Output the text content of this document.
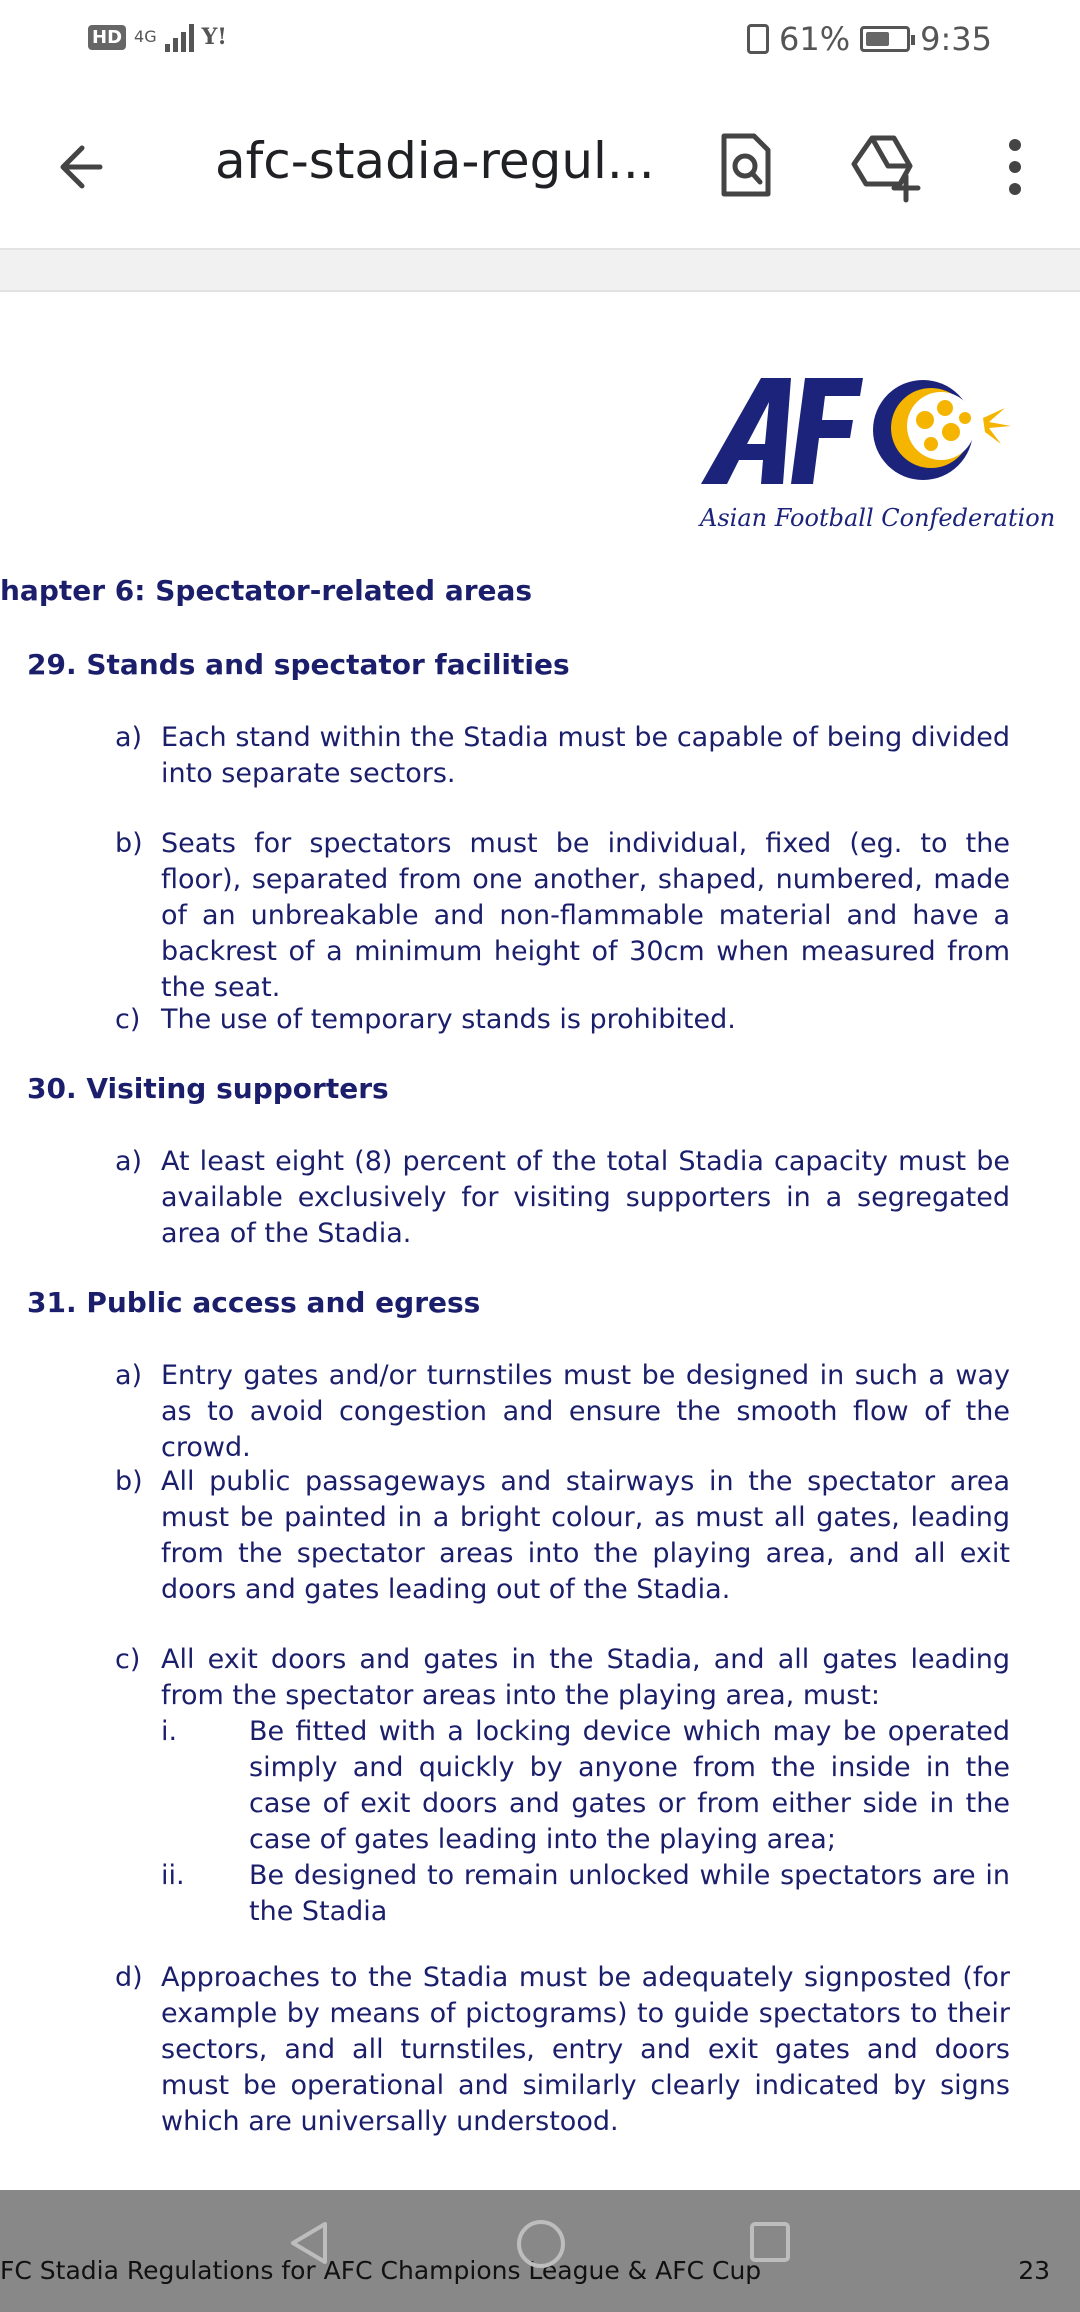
HD 4G Y!	61% 9:35
afc-stadia-regul...
Asian Football Confederation
hapter 6: Spectator-related areas
29. Stands and spectator facilities
a) Each stand within the Stadia must be capable of being divided into separate sectors.
b) Seats for spectators must be individual, fixed (eg. to the floor), separated from one another, shaped, numbered, made of an unbreakable and non-flammable material and have a backrest of a minimum height of 30cm when measured from the seat.
c) The use of temporary stands is prohibited.
30. Visiting supporters
a) At least eight (8) percent of the total Stadia capacity must be available exclusively for visiting supporters in a segregated area of the Stadia.
31. Public access and egress
a) Entry gates and/or turnstiles must be designed in such a way as to avoid congestion and ensure the smooth flow of the crowd.
b) All public passageways and stairways in the spectator area must be painted in a bright colour, as must all gates, leading from the spectator areas into the playing area, and all exit doors and gates leading out of the Stadia.
c) All exit doors and gates in the Stadia, and all gates leading from the spectator areas into the playing area, must:
i.	Be fitted with a locking device which may be operated simply and quickly by anyone from the inside in the case of exit doors and gates or from either side in the case of gates leading into the playing area;
ii. Be designed to remain unlocked while spectators are in the Stadia
d) Approaches to the Stadia must be adequately signposted (for example by means of pictograms) to guide spectators to their sectors, and all turnstiles, entry and exit gates and doors must be operational and similarly clearly indicated by signs which are universally understood.
FC Stadia Regulations for AFC Champions League & AFC Cup	23
